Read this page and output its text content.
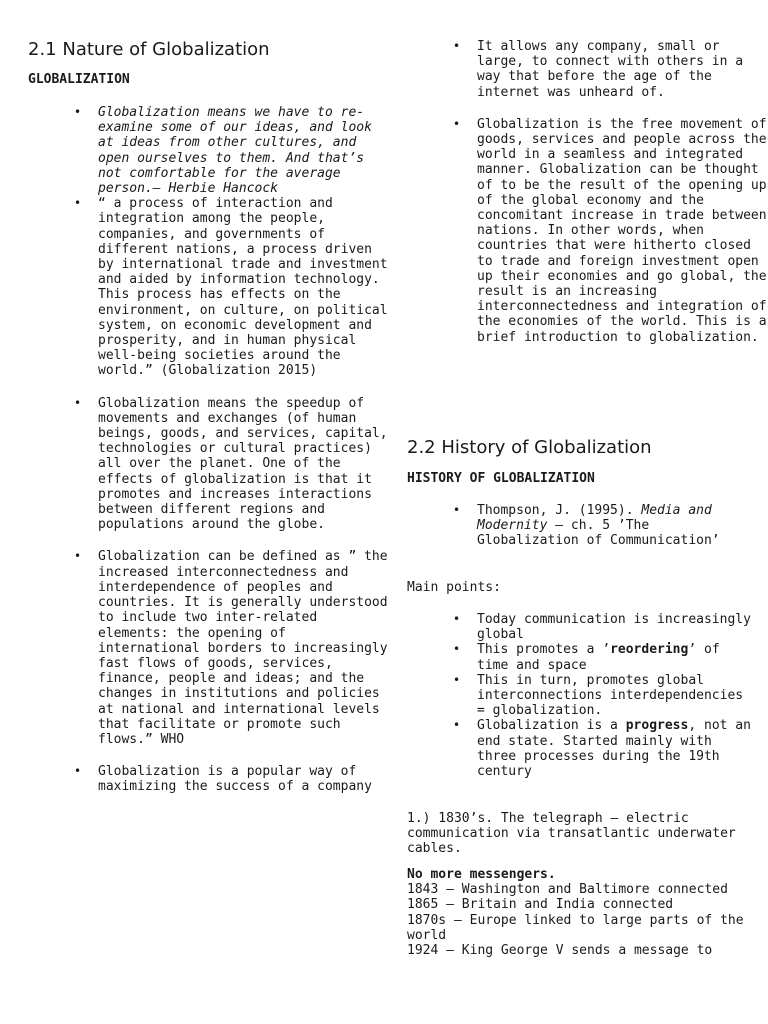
2.1 Nature of Globalization
GLOBALIZATION
• Globalization means we have to re-examine some of our ideas, and look at ideas from other cultures, and open ourselves to them. And that’s not comfortable for the average person.– Herbie Hancock
• “ a process of interaction and integration among the people, companies, and governments of different nations, a process driven by international trade and investment and aided by information technology. This process has effects on the environment, on culture, on political system, on economic development and prosperity, and in human physical well-being societies around the world.” (Globalization 2015)
• Globalization means the speedup of movements and exchanges (of human beings, goods, and services, capital, technologies or cultural practices) all over the planet. One of the effects of globalization is that it promotes and increases interactions between different regions and populations around the globe.
• Globalization can be defined as ” the increased interconnectedness and interdependence of peoples and countries. It is generally understood to include two inter-related elements: the opening of international borders to increasingly fast flows of goods, services, finance, people and ideas; and the changes in institutions and policies at national and international levels that facilitate or promote such flows.” WHO
• Globalization is a popular way of maximizing the success of a company
• It allows any company, small or large, to connect with others in a way that before the age of the internet was unheard of.
• Globalization is the free movement of goods, services and people across the world in a seamless and integrated manner. Globalization can be thought of to be the result of the opening up of the global economy and the concomitant increase in trade between nations. In other words, when countries that were hitherto closed to trade and foreign investment open up their economies and go global, the result is an increasing interconnectedness and integration of the economies of the world. This is a brief introduction to globalization.
2.2 History of Globalization
HISTORY OF GLOBALIZATION
• Thompson, J. (1995). Media and Modernity – ch. 5 ’The Globalization of Communication’

Main points:

• Today communication is increasingly global
• This promotes a ’reordering’ of time and space
• This in turn, promotes global interconnections interdependencies = globalization.
• Globalization is a progress, not an end state. Started mainly with three processes during the 19th century

1.) 1830’s. The telegraph – electric communication via transatlantic underwater cables.

No more messengers.

1843 – Washington and Baltimore connected

1865 – Britain and India connected

1870s – Europe linked to large parts of the world

1924 – King George V sends a message to
